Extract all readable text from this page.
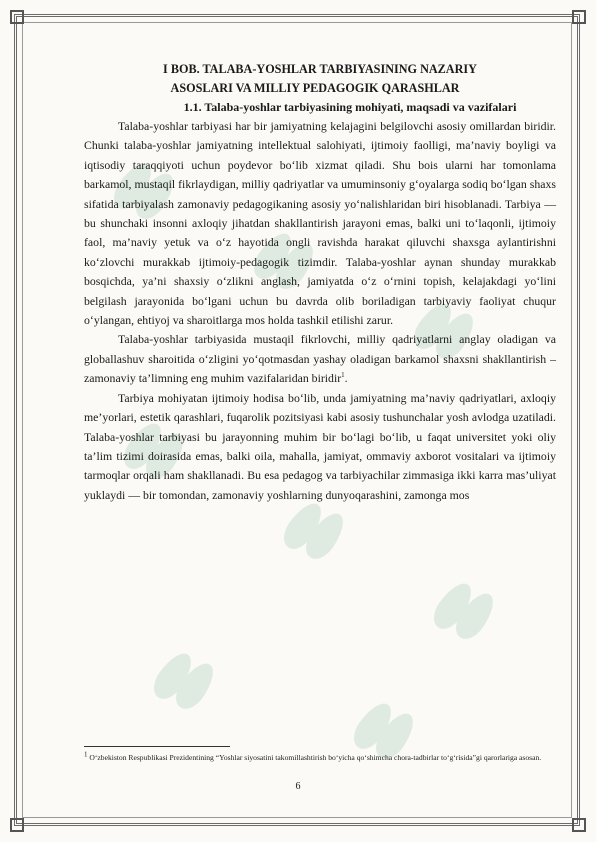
I BOB. TALABA-YOSHLAR TARBIYASINING NAZARIY

ASOSLARI VA MILLIY PEDAGOGIK QARASHLAR
1.1. Talaba-yoshlar tarbiyasining mohiyati, maqsadi va vazifalari

Talaba-yoshlar tarbiyasi har bir jamiyatning kelajagini belgilovchi asosiy omillardan biridir. Chunki talaba-yoshlar jamiyatning intellektual salohiyati, ijtimoiy faolligi, ma’naviy boyligi va iqtisodiy taraqqiyoti uchun poydevor bo‘lib xizmat qiladi. Shu bois ularni har tomonlama barkamol, mustaqil fikrlaydigan, milliy qadriyatlar va umuminsoniy g‘oyalarga sodiq bo‘lgan shaxs sifatida tarbiyalash zamonaviy pedagogikaning asosiy yo‘nalishlaridan biri hisoblanadi. Tarbiya — bu shunchaki insonni axloqiy jihatdan shakllantirish jarayoni emas, balki uni to‘laqonli, ijtimoiy faol, ma’naviy yetuk va o‘z hayotida ongli ravishda harakat qiluvchi shaxsga aylantirishni ko‘zlovchi murakkab ijtimoiy-pedagogik tizimdir. Talaba-yoshlar aynan shunday murakkab bosqichda, ya’ni shaxsiy o‘zlikni anglash, jamiyatda o‘z o‘rnini topish, kelajakdagi yo‘lini belgilash jarayonida bo‘lgani uchun bu davrda olib boriladigan tarbiyaviy faoliyat chuqur o‘ylangan, ehtiyoj va sharoitlarga mos holda tashkil etilishi zarur.

Talaba-yoshlar tarbiyasida mustaqil fikrlovchi, milliy qadriyatlarni anglay oladigan va globallashuv sharoitida o‘zligini yo‘qotmasdan yashay oladigan barkamol shaxsni shakllantirish – zamonaviy ta’limning eng muhim vazifalaridan biridir$^1$.

Tarbiya mohiyatan ijtimoiy hodisa bo‘lib, unda jamiyatning ma’naviy qadriyatlari, axloqiy me’yorlari, estetik qarashlari, fuqarolik pozitsiyasi kabi asosiy tushunchalar yosh avlodga uzatiladi. Talaba-yoshlar tarbiyasi bu jarayonning muhim bir bo‘lagi bo‘lib, u faqat universitet yoki oliy ta’lim tizimi doirasida emas, balki oila, mahalla, jamiyat, ommaviy axborot vositalari va ijtimoiy tarmoqlar orqali ham shakllanadi. Bu esa pedagog va tarbiyachilar zimmasiga ikki karra mas’uliyat yuklaydi — bir tomondan, zamonaviy yoshlarning dunyoqarashini, zamonga mos

$^1$ O‘zbekiston Respublikasi Prezidentining “Yoshlar siyosatini takomillashtirish bo‘yicha qo‘shimcha chora-tadbirlar to‘g‘risida”gi qarorlariga asosan.

6
